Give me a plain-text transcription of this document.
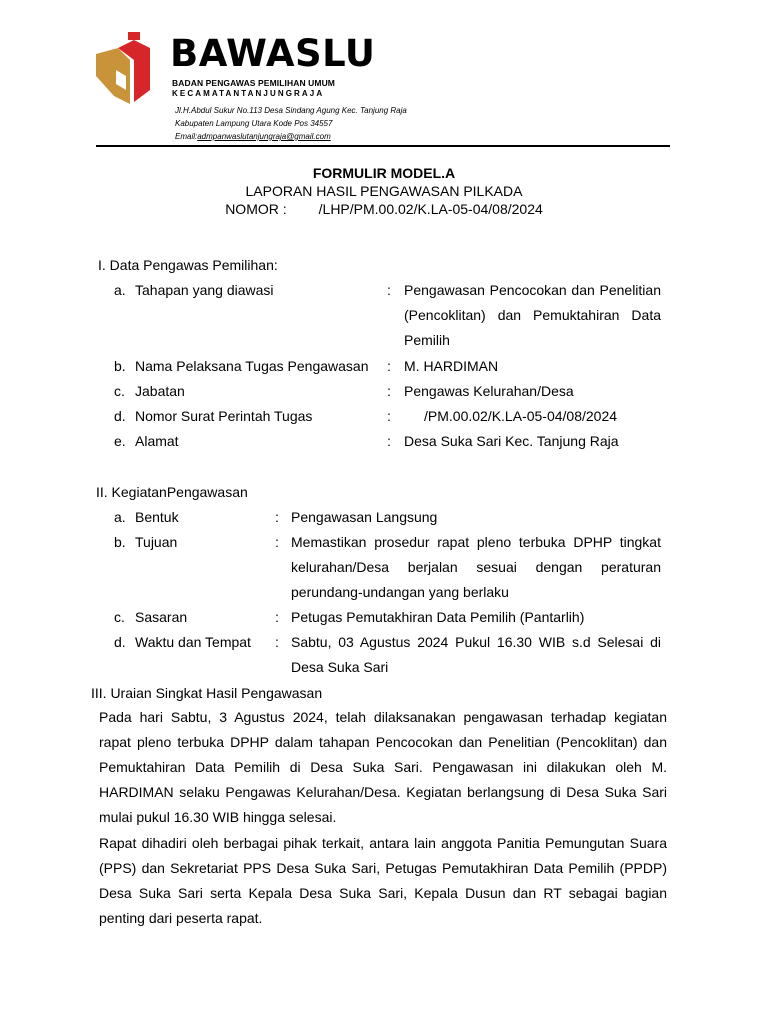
BAWASLU
BADAN PENGAWAS PEMILIHAN UMUM
KECAMATANTANJUNGRAJA
Jl.H.Abdul Sukur No.113 Desa Sindang Agung Kec. Tanjung Raja
Kabupaten Lampung Utara Kode Pos 34557
Email:admpanwaslutanjungraja@gmail.com
FORMULIR MODEL.A
LAPORAN HASIL PENGAWASAN PILKADA
NOMOR : /LHP/PM.00.02/K.LA-05-04/08/2024
I. Data Pengawas Pemilihan:
a. Tahapan yang diawasi	: Pengawasan Pencocokan dan Penelitian
(Pencoklitan) dan Pemuktahiran Data
Pemilih
b. Nama Pelaksana Tugas Pengawasan : M. HARDIMAN
c. Jabatan	: Pengawas Kelurahan/Desa
d. Nomor Surat Perintah Tugas	: /PM.00.02/K.LA-05-04/08/2024
e. Alamat	: Desa Suka Sari Kec. Tanjung Raja
II. KegiatanPengawasan
a. Bentuk	: Pengawasan Langsung
b. Tujuan	: Memastikan prosedur rapat pleno terbuka DPHP tingkat
kelurahan/Desa berjalan sesuai dengan peraturan
perundang-undangan yang berlaku
c. Sasaran	: Petugas Pemutakhiran Data Pemilih (Pantarlih)
d. Waktu dan Tempat : Sabtu, 03 Agustus 2024 Pukul 16.30 WIB s.d Selesai di
Desa Suka Sari
III. Uraian Singkat Hasil Pengawasan
Pada hari Sabtu, 3 Agustus 2024, telah dilaksanakan pengawasan terhadap kegiatan
rapat pleno terbuka DPHP dalam tahapan Pencocokan dan Penelitian (Pencoklitan) dan
Pemuktahiran Data Pemilih di Desa Suka Sari. Pengawasan ini dilakukan oleh M.
HARDIMAN selaku Pengawas Kelurahan/Desa. Kegiatan berlangsung di Desa Suka Sari
mulai pukul 16.30 WIB hingga selesai.
Rapat dihadiri oleh berbagai pihak terkait, antara lain anggota Panitia Pemungutan Suara
(PPS) dan Sekretariat PPS Desa Suka Sari, Petugas Pemutakhiran Data Pemilih (PPDP)
Desa Suka Sari serta Kepala Desa Suka Sari, Kepala Dusun dan RT sebagai bagian
penting dari peserta rapat.
